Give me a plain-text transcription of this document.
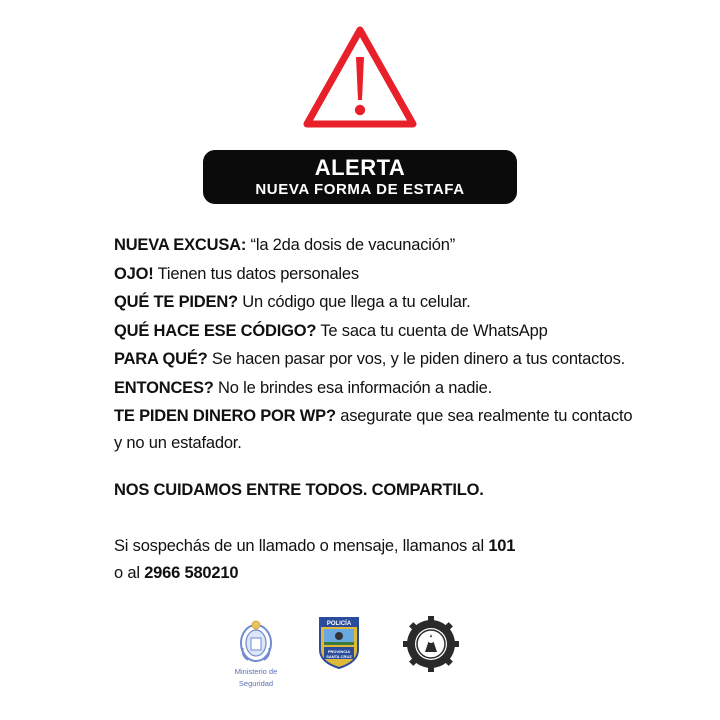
ALERTA
NUEVA FORMA DE ESTAFA
NUEVA EXCUSA: “la 2da dosis de vacunación”
OJO! Tienen tus datos personales
QUÉ TE PIDEN? Un código que llega a tu celular.
QUÉ HACE ESE CÓDIGO? Te saca tu cuenta de WhatsApp
PARA QUÉ? Se hacen pasar por vos, y le piden dinero a tus contactos.
ENTONCES? No le brindes esa información a nadie.
TE PIDEN DINERO POR WP? asegurate que sea realmente tu contacto
y no un estafador.
NOS CUIDAMOS ENTRE TODOS. COMPARTILO.
Si sospechás de un llamado o mensaje, llamanos al 101
o al 2966 580210
Ministerio de
Seguridad
POLICÍA
PROVINCIA
SANTA CRUZ
